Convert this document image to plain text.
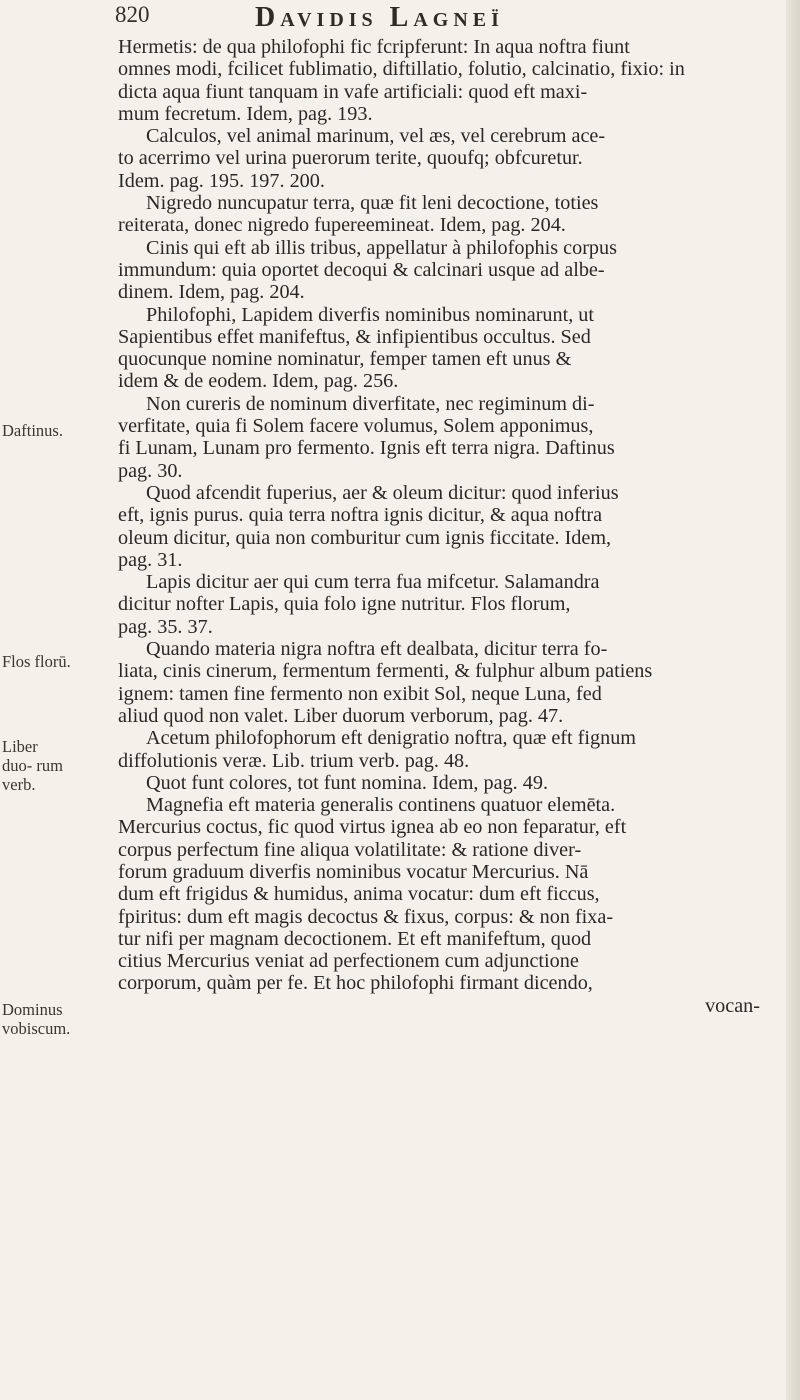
820	Davidis Lagneï
Daftinus.
Flos florū.
Liber duo- rum verb.
Dominus vobiscum.
Hermetis: de qua philofophi fic fcripferunt: In aqua noftra fiunt
omnes modi, fcilicet fublimatio, diftillatio, folutio, calcinatio, fixio: in
dicta aqua fiunt tanquam in vafe artificiali: quod eft maxi-
mum fecretum. Idem, pag. 193.
Calculos, vel animal marinum, vel æs, vel cerebrum ace-
to acerrimo vel urina puerorum terite, quoufq; obfcuretur.
Idem. pag. 195. 197. 200.
Nigredo nuncupatur terra, quæ fit leni decoctione, toties
reiterata, donec nigredo fupereemineat. Idem, pag. 204.
Cinis qui eft ab illis tribus, appellatur à philofophis corpus
immundum: quia oportet decoqui & calcinari usque ad albe-
dinem. Idem, pag. 204.
Philofophi, Lapidem diverfis nominibus nominarunt, ut
Sapientibus effet manifeftus, & infipientibus occultus. Sed
quocunque nomine nominatur, femper tamen eft unus &
idem & de eodem. Idem, pag. 256.
Non cureris de nominum diverfitate, nec regiminum di-
verfitate, quia fi Solem facere volumus, Solem apponimus,
fi Lunam, Lunam pro fermento. Ignis eft terra nigra. Daftinus
pag. 30.
Quod afcendit fuperius, aer & oleum dicitur: quod inferius
eft, ignis purus. quia terra noftra ignis dicitur, & aqua noftra
oleum dicitur, quia non comburitur cum ignis ficcitate. Idem,
pag. 31.
Lapis dicitur aer qui cum terra fua mifcetur. Salamandra
dicitur nofter Lapis, quia folo igne nutritur. Flos florum,
pag. 35. 37.
Quando materia nigra noftra eft dealbata, dicitur terra fo-
liata, cinis cinerum, fermentum fermenti, & fulphur album patiens
ignem: tamen fine fermento non exibit Sol, neque Luna, fed
aliud quod non valet. Liber duorum verborum, pag. 47.
Acetum philofophorum eft denigratio noftra, quæ eft fignum
diffolutionis veræ. Lib. trium verb. pag. 48.
Quot funt colores, tot funt nomina. Idem, pag. 49.
Magnefia eft materia generalis continens quatuor elemēta.
Mercurius coctus, fic quod virtus ignea ab eo non feparatur, eft
corpus perfectum fine aliqua volatilitate: & ratione diver-
forum graduum diverfis nominibus vocatur Mercurius. Nā
dum eft frigidus & humidus, anima vocatur: dum eft ficcus,
fpiritus: dum eft magis decoctus & fixus, corpus: & non fixa-
tur nifi per magnam decoctionem. Et eft manifeftum, quod
citius Mercurius veniat ad perfectionem cum adjunctione
corporum, quàm per fe. Et hoc philofophi firmant dicendo,
vocan-
